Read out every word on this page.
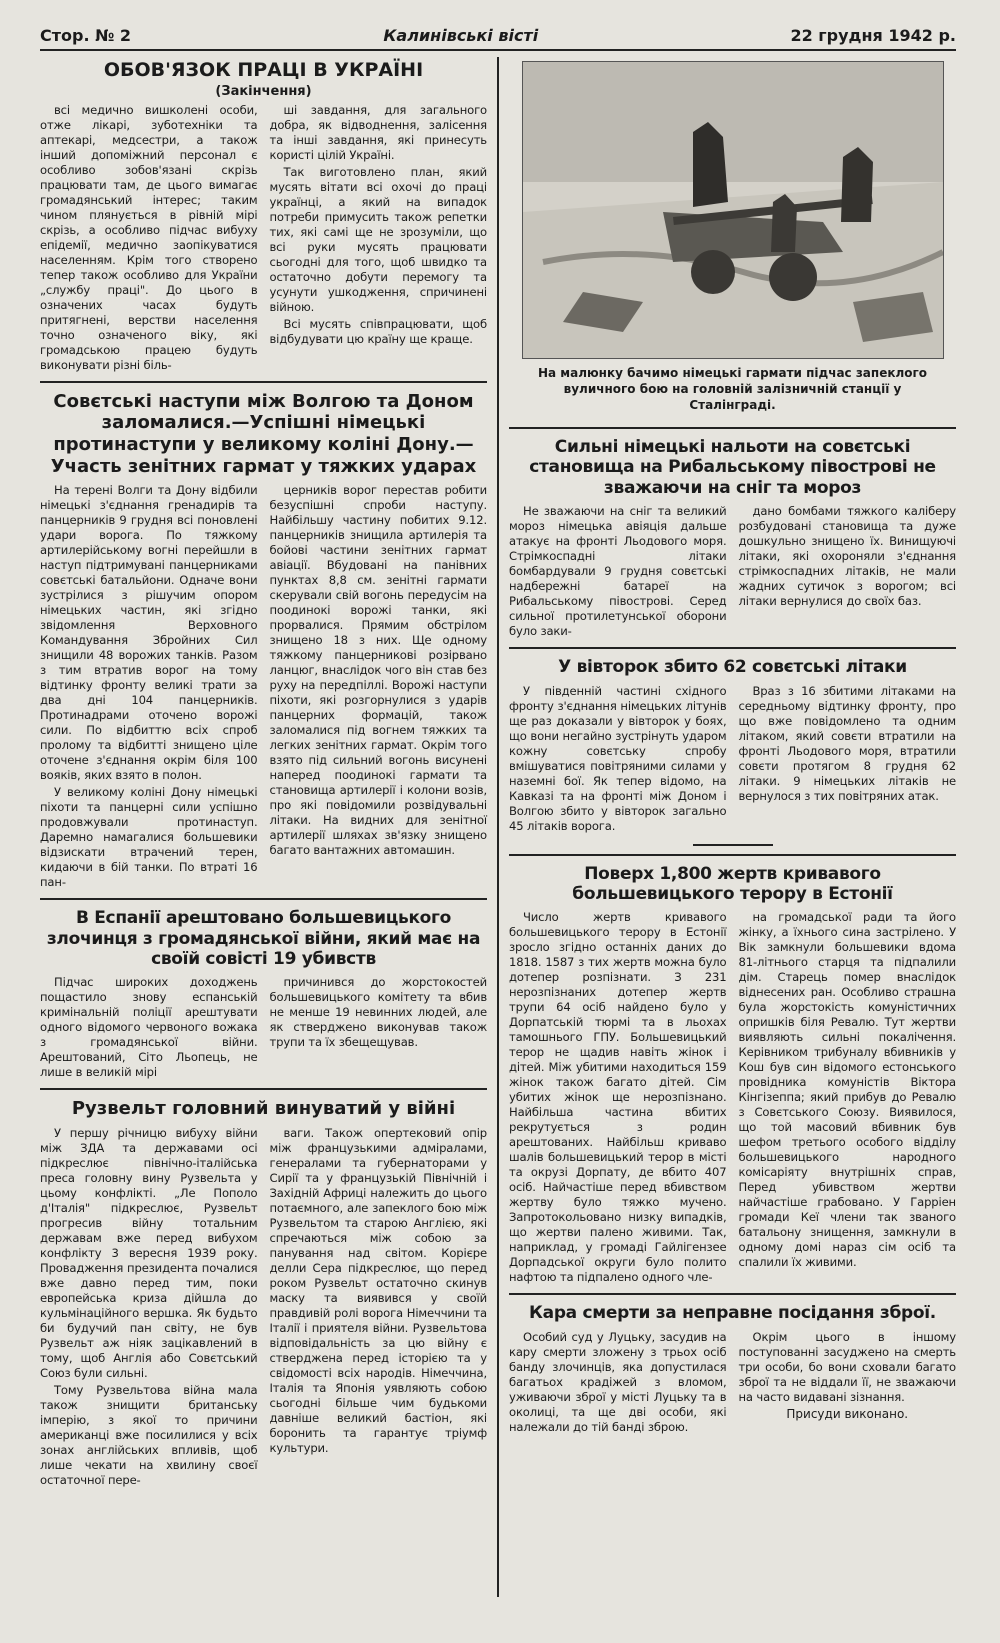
Стор. № 2	Калинівські вісті	22 грудня 1942 р.
ОБОВ'ЯЗОК ПРАЦІ В УКРАЇНІ
(Закінчення)

всі медично вишколені особи, отже лікарі, зуботехніки та аптекарі, медсестри, а також інший допоміжний персонал є особливо зобов'язані скрізь працювати там, де цього вимагає громадянський інтерес; таким чином плянується в рівній мірі скрізь, а особливо підчас вибуху епідемії, медично заопікуватися населенням. Крім того створено тепер також особливо для України „службу праці". До цього в означених часах будуть притягнені, верстви населення точно означеного віку, які громадською працею будуть виконувати різні біль-

ші завдання, для загального добра, як відводнення, залісення та інші завдання, які принесуть користі цілій Україні.

Так виготовлено план, який мусять вітати всі охочі до праці українці, а який на випадок потреби примусить також репетки тих, які самі ще не зрозуміли, що всі руки мусять працювати сьогодні для того, щоб швидко та остаточно добути перемогу та усунути ушкодження, спричинені війною.

Всі мусять співпрацювати, щоб відбудувати цю країну ще краще.

Совєтські наступи між Волгою та Доном заломалися.—Успішні німецькі протинаступи у великому коліні Дону.— Участь зенітних гармат у тяжких ударах

На терені Волги та Дону відбили німецькі з'єднання гренадирів та панцерників 9 грудня всі поновлені удари ворога. По тяжкому артилерійському вогні перейшли в наступ підтримувані панцерниками совєтські батальйони. Одначе вони зустрілися з рішучим опором німецьких частин, які згідно звідомлення Верховного Командування Збройних Сил знищили 48 ворожих танків. Разом з тим втратив ворог на тому відтинку фронту великі трати за два дні 104 панцерників. Протинадрами оточено ворожі сили. По відбиттю всіх спроб пролому та відбитті знищено ціле оточене з'єднання окрім біля 100 вояків, яких взято в полон.

У великому коліні Дону німецькі піхоти та панцерні сили успішно продовжували протинаступ. Даремно намагалися большевики відзискати втрачений терен, кидаючи в бій танки. По втраті 16 пан-

церників ворог перестав робити безуспішні спроби наступу. Найбільшу частину побитих 9.12. панцерників знищила артилерія та бойові частини зенітних гармат авіації. Вбудовані на панівних пунктах 8,8 см. зенітні гармати скерували свій вогонь передусім на поодинокі ворожі танки, які прорвалися. Прямим обстрілом знищено 18 з них. Ще одному тяжкому панцерникові розірвано ланцюг, внаслідок чого він став без руху на передпіллі. Ворожі наступи піхоти, які розгорнулися з ударів панцерних формацій, також заломалися під вогнем тяжких та легких зенітних гармат. Окрім того взято під сильний вогонь висунені наперед поодинокі гармати та становища артилерії і колони возів, про які повідомили розвідувальні літаки. На видних для зенітної артилерії шляхах зв'язку знищено багато вантажних автомашин.

В Еспанії арештовано большевицького злочинця з громадянської війни, який має на своїй совісті 19 убивств

Підчас широких доходжень пощастило знову еспанській кримінальній поліції арештувати одного відомого червоного вожака з громадянської війни. Арештований, Сіто Льопець, не лише в великій мірі

причинився до жорстокостей большевицького комітету та вбив не менше 19 невинних людей, але як стверджено виконував також трупи та їх збещещував.

Рузвельт головний винуватий у війні

У першу річницю вибуху війни між ЗДА та державами осі підкреслює північно-італійська преса головну вину Рузвельта у цьому конфлікті. „Ле Пополо д'Італія" підкреслює, Рузвельт прогресив війну тотальним державам вже перед вибухом конфлікту 3 вересня 1939 року. Провадження президента почалися вже давно перед тим, поки европейська криза дійшла до кульмінаційного вершка. Як будьто би будучий пан світу, не був Рузвельт аж ніяк зацікавлений в тому, щоб Англія або Совєтський Союз були сильні.

Тому Рузвельтова війна мала також знищити британську імперію, з якої то причини американці вже посилилися у всіх зонах англійських впливів, щоб лише чекати на хвилину своєї остаточної пере-

ваги. Також опертековий опір між французькими адміралами, генералами та губернаторами у Сирії та у французькій Північній і Західній Африці належить до цього потаємного, але запеклого бою між Рузвельтом та старою Англією, які спречаються між собою за панування над світом. Корієре делли Сера підкреслює, що перед роком Рузвельт остаточно скинув маску та виявився у своїй правдивій ролі ворога Німеччини та Італії і приятеля війни. Рузвельтова відповідальність за цю війну є стверджена перед історією та у свідомості всіх народів. Німеччина, Італія та Японія уявляють собою сьогодні більше чим будькоми давніше великий бастіон, які боронить та гарантує тріумф культури.

На малюнку бачимо німецькі гармати підчас запеклого вуличного бою на головній залізничній станції у Сталінграді.
Сильні німецькі нальоти на совєтські становища на Рибальському півострові не зважаючи на сніг та мороз

Не зважаючи на сніг та великий мороз німецька авіяція дальше атакує на фронті Льодового моря. Стрімкоспадні літаки бомбардували 9 грудня совєтські надбережні батареї на Рибальському півострові. Серед сильної протилетунської оборони було заки-

дано бомбами тяжкого каліберу розбудовані становища та дуже дошкульно знищено їх. Винищуючі літаки, які охороняли з'єднання стрімкоспадних літаків, не мали жадних сутичок з ворогом; всі літаки вернулися до своїх баз.

У вівторок збито 62 совєтські літаки

У південній частині східного фронту з'єднання німецьких літунів ще раз доказали у вівторок у боях, що вони негайно зустрінуть ударом кожну совєтську спробу вмішуватися повітряними силами у наземні бої. Як тепер відомо, на Кавказі та на фронті між Доном і Волгою збито у вівторок загально 45 літаків ворога.

Враз з 16 збитими літаками на середньому відтинку фронту, про що вже повідомлено та одним літаком, який совєти втратили на фронті Льодового моря, втратили совєти протягом 8 грудня 62 літаки. 9 німецьких літаків не вернулося з тих повітряних атак.

Поверх 1,800 жертв кривавого большевицького терору в Естонії

Число жертв кривавого большевицького терору в Естонії зросло згідно останніх даних до 1818. 1587 з тих жертв можна було дотепер розпізнати. З 231 нерозпізнаних дотепер жертв трупи 64 осіб найдено було у Дорпатській тюрмі та в льохах тамошнього ГПУ. Большевицький терор не щадив навіть жінок і дітей. Між убитими находиться 159 жінок також багато дітей. Сім убитих жінок ще нерозпізнано. Найбільша частина вбитих рекрутується з родин арештованих. Найбільш криваво шалів большевицький терор в місті та окрузі Дорпату, де вбито 407 осіб. Найчастіше перед вбивством жертву було тяжко мучено. Запротокольовано низку випадків, що жертви палено живими. Так, наприклад, у громаді Гайлігензее Дорпадської округи було полито нафтою та підпалено одного чле-

на громадської ради та його жінку, а їхнього сина застрілено. У Вік замкнули большевики вдома 81-літнього старця та підпалили дім. Старець помер внаслідок віднесених ран. Особливо страшна була жорстокість комуністичних опришків біля Ревалю. Тут жертви виявляють сильні покалічення. Керівником трибуналу вбивників у Кош був син відомого естонського провідника комуністів Віктора Кінгізеппа; який прибув до Ревалю з Совєтського Союзу. Виявилося, що той масовий вбивник був шефом третього особого відділу большевицького народного комісаріяту внутрішніх справ, Перед убивством жертви найчастіше грабовано. У Гарріен громади Кеї члени так званого батальону знищення, замкнули в одному домі нараз сім осіб та спалили їх живими.

Кара смерти за неправне посідання зброї.

Особий суд у Луцьку, засудив на кару смерти зложену з трьох осіб банду злочинців, яка допустилася багатьох крадіжей з вломом, уживаючи зброї у місті Луцьку та в околиці, та ще дві особи, які належали до тій банді зброю.

Окрім цього в іншому поступованні засуджено на смерть три особи, бо вони сховали багато зброї та не віддали її, не зважаючи на часто видавані зізнання.

Присуди виконано.
